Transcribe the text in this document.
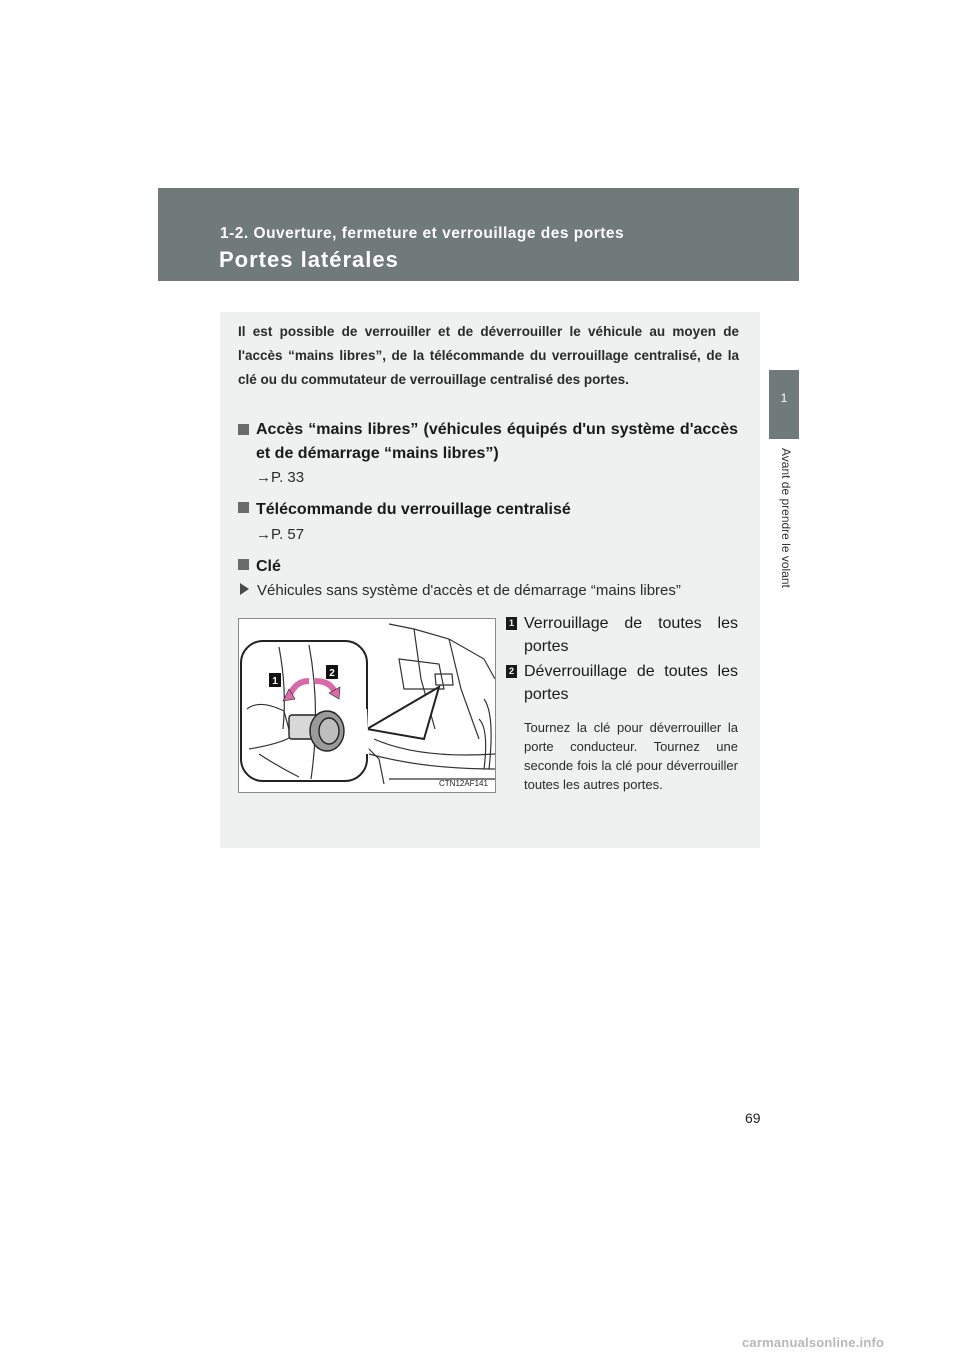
1-2. Ouverture, fermeture et verrouillage des portes
Portes latérales
1
Avant de prendre le volant
Il est possible de verrouiller et de déverrouiller le véhicule au moyen de l'accès “mains libres”, de la télécommande du verrouillage centralisé, de la clé ou du commutateur de verrouillage centralisé des portes.
Accès “mains libres” (véhicules équipés d'un système d'accès et de démarrage “mains libres”)
→P. 33
Télécommande du verrouillage centralisé
→P. 57
Clé
Véhicules sans système d'accès et de démarrage “mains libres”
1
2
CTN12AF141
1 Verrouillage de toutes les portes
2 Déverrouillage de toutes les portes
Tournez la clé pour déverrouiller la porte conducteur. Tournez une seconde fois la clé pour déverrouiller toutes les autres portes.
69
carmanualsonline.info
